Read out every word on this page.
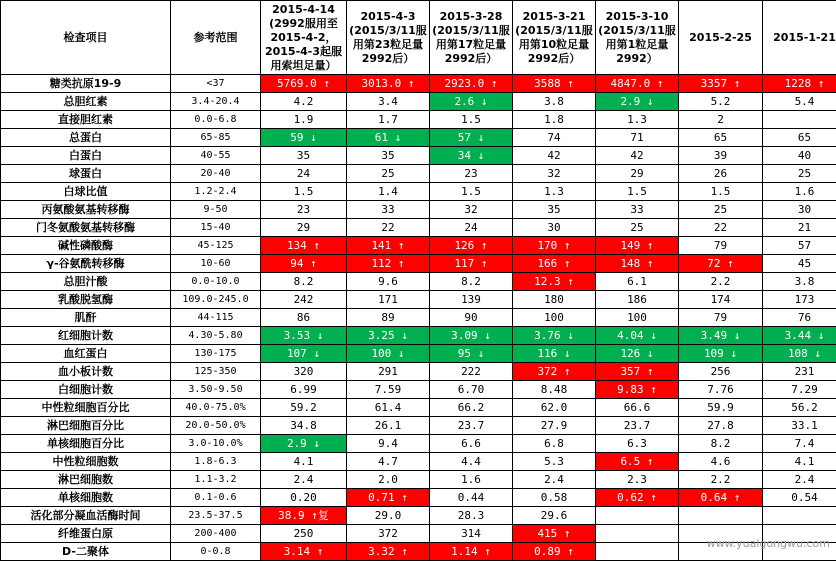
检查项目	参考范围	2015-4-14 (2992服用至2015-4-2，2015-4-3起服用索坦足量）	2015-4-3 (2015/3/11服用第23粒足量2992后）	2015-3-28 (2015/3/11服用第17粒足量2992后）	2015-3-21 (2015/3/11服用第10粒足量2992后）	2015-3-10 (2015/3/11服用第1粒足量2992）	2015-2-25	2015-1-21
糖类抗原19-9	<37	5769.0 ↑	3013.0 ↑	2923.0 ↑	3588 ↑	4847.0 ↑	3357 ↑	1228 ↑
总胆红素	3.4-20.4	4.2	3.4	2.6 ↓	3.8	2.9 ↓	5.2	5.4
直接胆红素	0.0-6.8	1.9	1.7	1.5	1.8	1.3	2	
总蛋白	65-85	59 ↓	61 ↓	57 ↓	74	71	65	65
白蛋白	40-55	35	35	34 ↓	42	42	39	40
球蛋白	20-40	24	25	23	32	29	26	25
白球比值	1.2-2.4	1.5	1.4	1.5	1.3	1.5	1.5	1.6
丙氨酸氨基转移酶	9-50	23	33	32	35	33	25	30
门冬氨酸氨基转移酶	15-40	29	22	24	30	25	22	21
碱性磷酸酶	45-125	134 ↑	141 ↑	126 ↑	170 ↑	149 ↑	79	57
γ-谷氨酰转移酶	10-60	94 ↑	112 ↑	117 ↑	166 ↑	148 ↑	72 ↑	45
总胆汁酸	0.0-10.0	8.2	9.6	8.2	12.3 ↑	6.1	2.2	3.8
乳酸脱氢酶	109.0-245.0	242	171	139	180	186	174	173
肌酐	44-115	86	89	90	100	100	79	76
红细胞计数	4.30-5.80	3.53 ↓	3.25 ↓	3.09 ↓	3.76 ↓	4.04 ↓	3.49 ↓	3.44 ↓
血红蛋白	130-175	107 ↓	100 ↓	95 ↓	116 ↓	126 ↓	109 ↓	108 ↓
血小板计数	125-350	320	291	222	372 ↑	357 ↑	256	231
白细胞计数	3.50-9.50	6.99	7.59	6.70	8.48	9.83 ↑	7.76	7.29
中性粒细胞百分比	40.0-75.0%	59.2	61.4	66.2	62.0	66.6	59.9	56.2
淋巴细胞百分比	20.0-50.0%	34.8	26.1	23.7	27.9	23.7	27.8	33.1
单核细胞百分比	3.0-10.0%	2.9 ↓	9.4	6.6	6.8	6.3	8.2	7.4
中性粒细胞数	1.8-6.3	4.1	4.7	4.4	5.3	6.5 ↑	4.6	4.1
淋巴细胞数	1.1-3.2	2.4	2.0	1.6	2.4	2.3	2.2	2.4
单核细胞数	0.1-0.6	0.20	0.71 ↑	0.44	0.58	0.62 ↑	0.64 ↑	0.54
活化部分凝血活酶时间	23.5-37.5	38.9 ↑复	29.0	28.3	29.6			
纤维蛋白原	200-400	250	372	314	415 ↑			
D-二聚体	0-0.8	3.14 ↑	3.32 ↑	1.14 ↑	0.89 ↑			
www.yualgongwu.com
